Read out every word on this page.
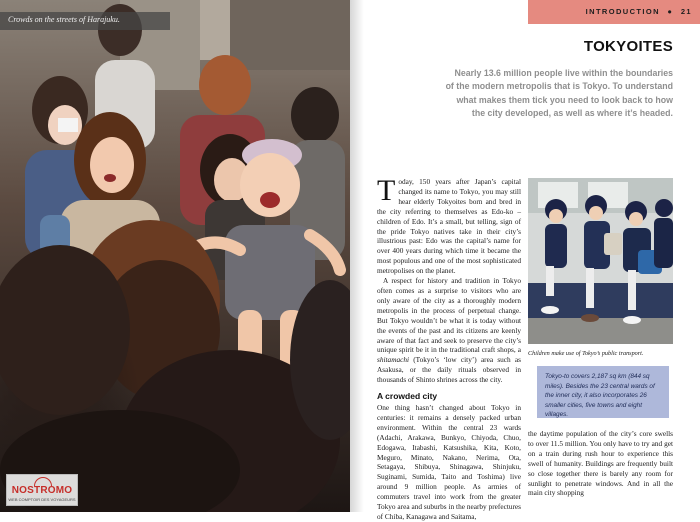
Crowds on the streets of Harajuku.
NOSTROMO
WEB COMPTOIR DES VOYAGEURS
INTRODUCTION ● 21
TOKYOITES

Nearly 13.6 million people live within the boundaries

of the modern metropolis that is Tokyo. To understand

what makes them tick you need to look back to how

the city developed, as well as where it’s headed.

Today, 150 years after Japan’s capital changed its name to Tokyo, you may still hear elderly Tokyoites born and bred in the city referring to themselves as Edo-ko – children of Edo. It’s a small, but telling, sign of the pride Tokyo natives take in their city’s illustrious past: Edo was the capital’s name for over 400 years during which time it became the most populous and one of the most sophisticated metropolises on the planet.

A respect for history and tradition in Tokyo often comes as a surprise to visitors who are only aware of the city as a thoroughly modern metropolis in the process of perpetual change. But Tokyo wouldn’t be what it is today without the events of the past and its citizens are keenly aware of that fact and seek to preserve the city’s unique spirit be it in the traditional craft shops, a shitamachi (Tokyo’s ‘low city’) area such as Asakusa, or the daily rituals observed in thousands of Shinto shrines across the city.

A crowded city

One thing hasn’t changed about Tokyo in centuries: it remains a densely packed urban environment. Within the central 23 wards (Adachi, Arakawa, Bunkyo, Chiyoda, Chuo, Edogawa, Itabashi, Katsushika, Kita, Koto, Meguro, Minato, Nakano, Nerima, Ota, Setagaya, Shibuya, Shinagawa, Shinjuku, Suginami, Sumida, Taito and Toshima) live around 9 million people. As armies of commuters travel into work from the greater Tokyo area and suburbs in the nearby prefectures of Chiba, Kanagawa and Saitama,

Children make use of Tokyo’s public transport.
Tokyo-to covers 2,187 sq km (844 sq miles). Besides the 23 central wards of the inner city, it also incorporates 26 smaller cities, five towns and eight villages.

the daytime population of the city’s core swells to over 11.5 million. You only have to try and get on a train during rush hour to experience this swell of humanity. Buildings are frequently built so close together there is barely any room for sunlight to penetrate windows. And in all the main city shopping
